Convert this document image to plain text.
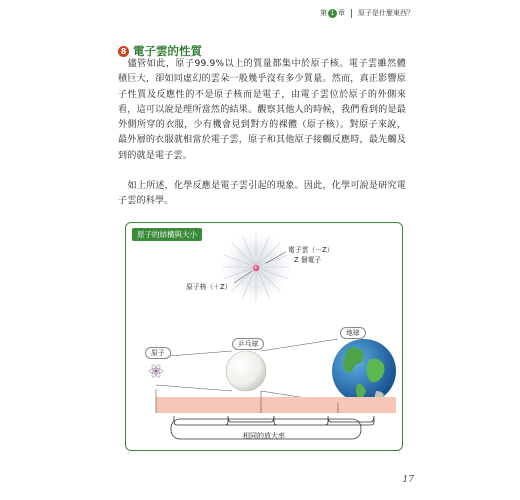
第 1 章 原子是什麼東西？
8 電子雲的性質

儘管如此，原子99.9%以上的質量都集中於原子核。電子雲雖然體積巨大，卻如同虛幻的雲朵一般幾乎沒有多少質量。然而，真正影響原子性質及反應性的不是原子核而是電子，由電子雲位於原子的外側來看，這可以說是理所當然的結果。觀察其他人的時候，我們看到的是最外側所穿的衣服，少有機會見到對方的裸體（原子核）。對原子來說，最外層的衣服就相當於電子雲，原子和其他原子接觸反應時，最先觸及到的就是電子雲。

如上所述，化學反應是電子雲引起的現象。因此，化學可說是研究電子雲的科學。

原子的結構與大小
電子雲（－Z）
Z 個電子
原子核（＋Z）
原子
乒乓球
地球
相同的放大率
17
